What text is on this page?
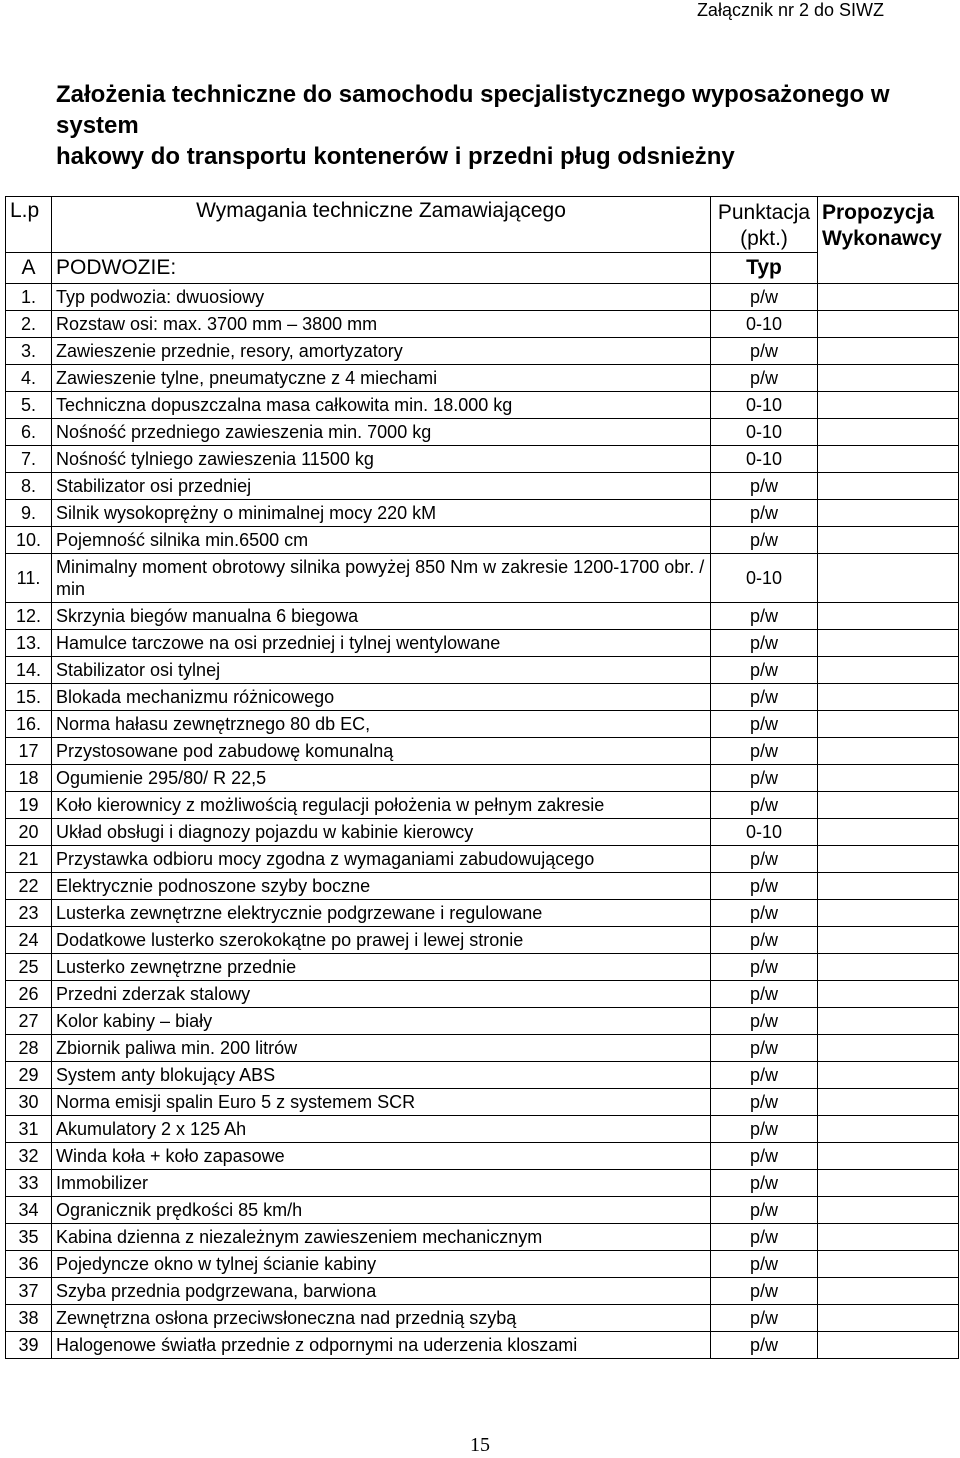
Załącznik nr 2 do SIWZ
Założenia techniczne do samochodu specjalistycznego wyposażonego w system
hakowy do transportu kontenerów i przedni pług odsnieżny
L.p	Wymagania techniczne Zamawiającego	Punktacja (pkt.)	Propozycja Wykonawcy
A	PODWOZIE:	Typ	
1.	Typ podwozia: dwuosiowy	p/w	
2.	Rozstaw osi: max. 3700 mm – 3800 mm	0-10	
3.	Zawieszenie przednie, resory, amortyzatory	p/w	
4.	Zawieszenie tylne, pneumatyczne z 4 miechami	p/w	
5.	Techniczna dopuszczalna masa całkowita min. 18.000 kg	0-10	
6.	Nośność przedniego zawieszenia min. 7000 kg	0-10	
7.	Nośność tylniego zawieszenia 11500 kg	0-10	
8.	Stabilizator osi przedniej	p/w	
9.	Silnik wysokoprężny o minimalnej mocy 220 kM	p/w	
10.	Pojemność silnika min.6500 cm	p/w	
11.	Minimalny moment obrotowy silnika powyżej 850 Nm w zakresie 1200-1700 obr. / min	0-10	
12.	Skrzynia biegów manualna 6 biegowa	p/w	
13.	Hamulce tarczowe na osi przedniej i tylnej wentylowane	p/w	
14.	Stabilizator osi tylnej	p/w	
15.	Blokada mechanizmu różnicowego	p/w	
16.	Norma hałasu zewnętrznego 80 db EC,	p/w	
17	Przystosowane pod zabudowę komunalną	p/w	
18	Ogumienie 295/80/ R 22,5	p/w	
19	Koło kierownicy z możliwością regulacji położenia w pełnym zakresie	p/w	
20	Układ obsługi i diagnozy pojazdu w kabinie kierowcy	0-10	
21	Przystawka odbioru mocy zgodna z wymaganiami zabudowującego	p/w	
22	Elektrycznie podnoszone szyby boczne	p/w	
23	Lusterka zewnętrzne elektrycznie podgrzewane i regulowane	p/w	
24	Dodatkowe lusterko szerokokątne po prawej i lewej stronie	p/w	
25	Lusterko zewnętrzne przednie	p/w	
26	Przedni zderzak stalowy	p/w	
27	Kolor kabiny – biały	p/w	
28	Zbiornik paliwa min. 200 litrów	p/w	
29	System anty blokujący ABS	p/w	
30	Norma emisji spalin Euro 5 z systemem SCR	p/w	
31	Akumulatory 2 x 125 Ah	p/w	
32	Winda koła + koło zapasowe	p/w	
33	Immobilizer	p/w	
34	Ogranicznik prędkości 85 km/h	p/w	
35	Kabina dzienna z niezależnym zawieszeniem mechanicznym	p/w	
36	Pojedyncze okno w tylnej ścianie kabiny	p/w	
37	Szyba przednia podgrzewana, barwiona	p/w	
38	Zewnętrzna osłona przeciwsłoneczna nad przednią szybą	p/w	
39	Halogenowe światła przednie z odpornymi na uderzenia kloszami	p/w	
15
